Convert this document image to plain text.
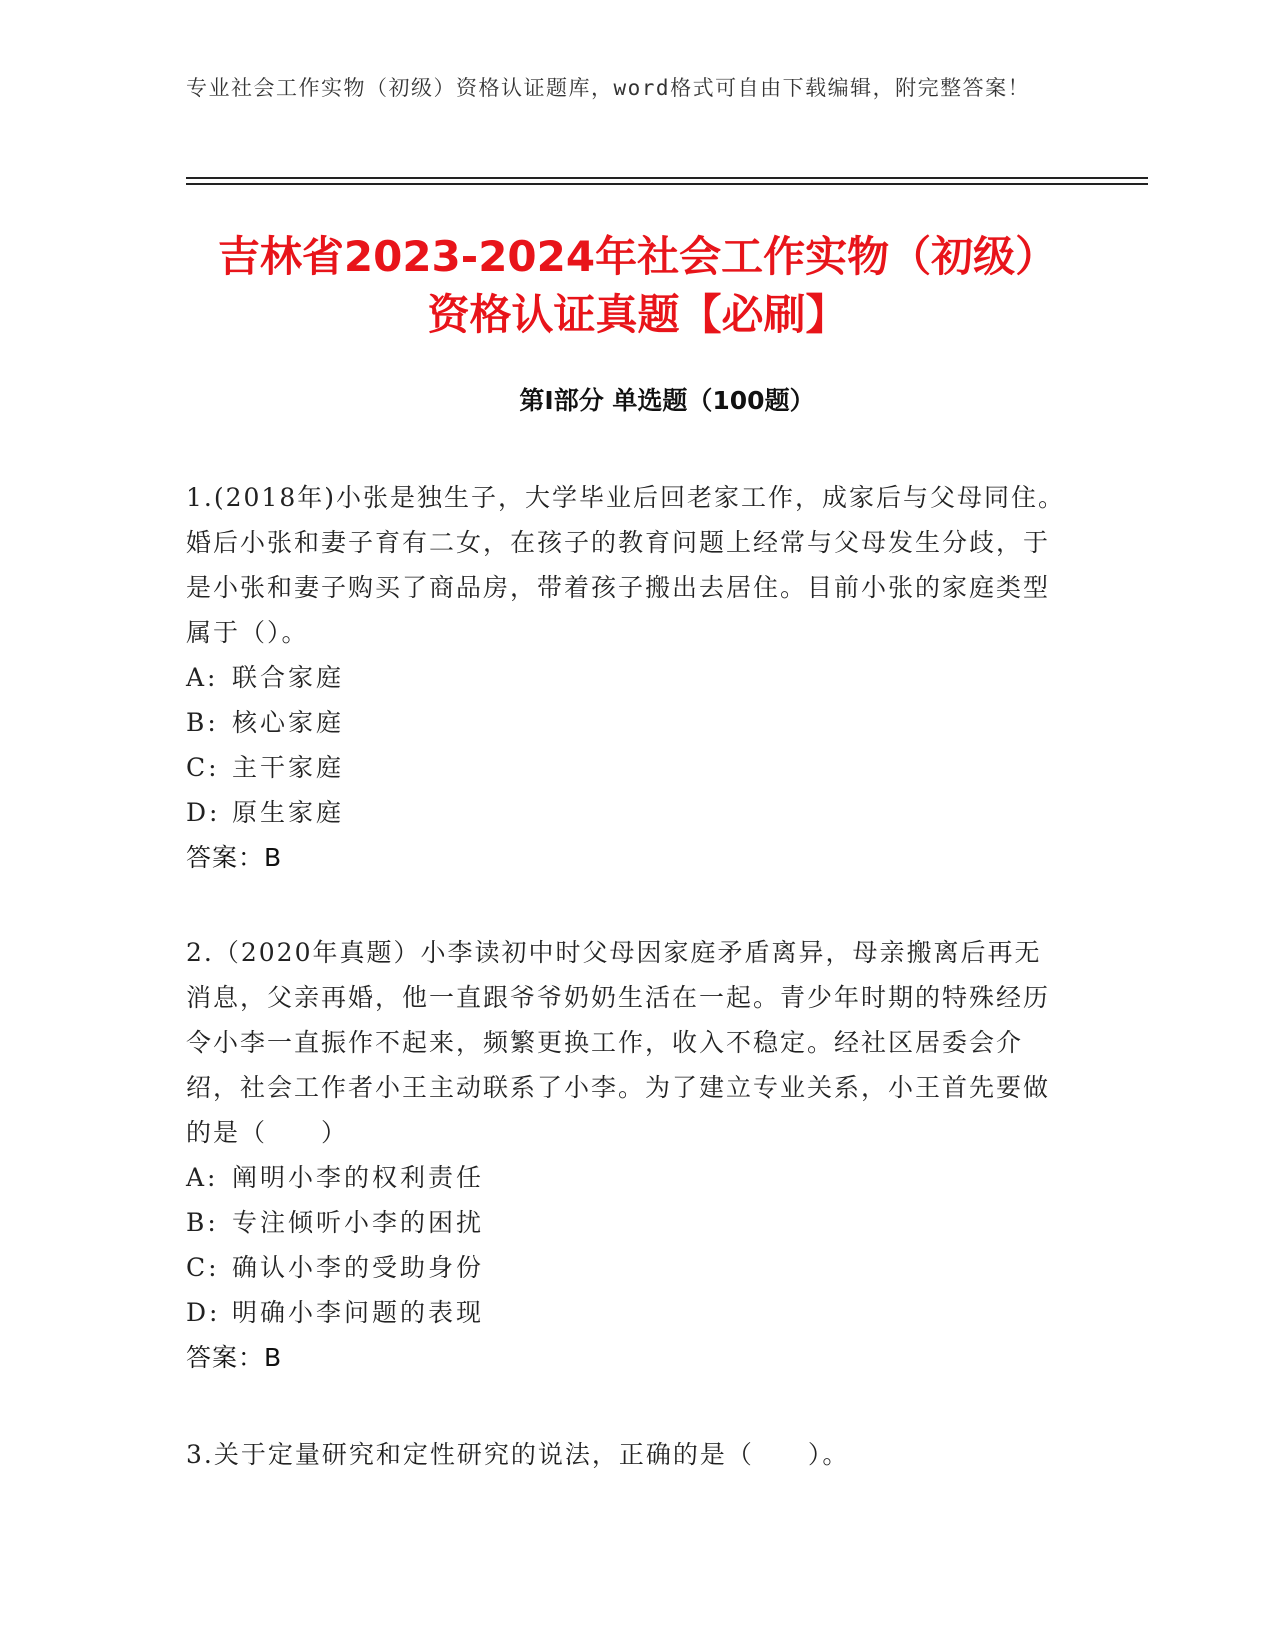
专业社会工作实物（初级）资格认证题库，word格式可自由下载编辑，附完整答案！
吉林省2023-2024年社会工作实物（初级）
资格认证真题【必刷】
第Ⅰ部分 单选题（100题）

1.(2018年)小张是独生子，大学毕业后回老家工作，成家后与父母同住。婚后小张和妻子育有二女，在孩子的教育问题上经常与父母发生分歧，于是小张和妻子购买了商品房，带着孩子搬出去居住。目前小张的家庭类型属于（）。

A: 联合家庭

B: 核心家庭

C: 主干家庭

D: 原生家庭

答案：B

2.（2020年真题）小李读初中时父母因家庭矛盾离异，母亲搬离后再无消息，父亲再婚，他一直跟爷爷奶奶生活在一起。青少年时期的特殊经历令小李一直振作不起来，频繁更换工作，收入不稳定。经社区居委会介绍，社会工作者小王主动联系了小李。为了建立专业关系，小王首先要做的是（　　）

A: 阐明小李的权利责任

B: 专注倾听小李的困扰

C: 确认小李的受助身份

D: 明确小李问题的表现

答案：B

3.关于定量研究和定性研究的说法，正确的是（　　）。
